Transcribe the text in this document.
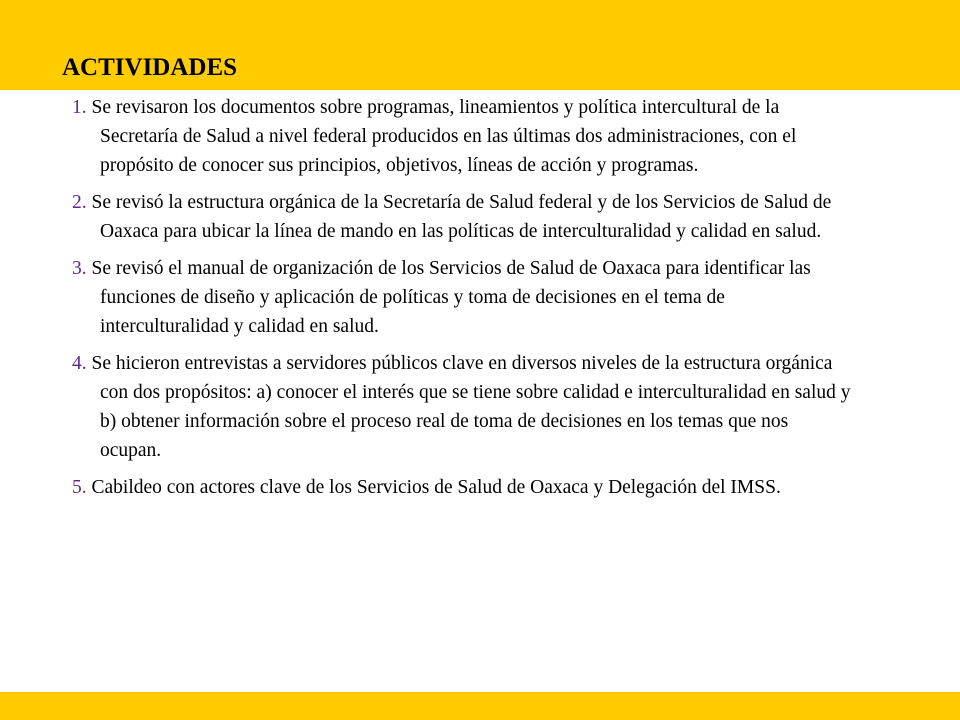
ACTIVIDADES

1. Se revisaron los documentos sobre programas, lineamientos y política intercultural de la Secretaría de Salud a nivel federal producidos en las últimas dos administraciones, con el propósito de conocer sus principios, objetivos, líneas de acción y programas.

2. Se revisó la estructura orgánica de la Secretaría de Salud federal y de los Servicios de Salud de Oaxaca para ubicar la línea de mando en las políticas de interculturalidad y calidad en salud.

3. Se revisó el manual de organización de los Servicios de Salud de Oaxaca para identificar las funciones de diseño y aplicación de políticas y toma de decisiones en el tema de interculturalidad y calidad en salud.

4. Se hicieron entrevistas a servidores públicos clave en diversos niveles de la estructura orgánica con dos propósitos: a) conocer el interés que se tiene sobre calidad e interculturalidad en salud y b) obtener información sobre el proceso real de toma de decisiones en los temas que nos ocupan.

5. Cabildeo con actores clave de los Servicios de Salud de Oaxaca y Delegación del IMSS.
